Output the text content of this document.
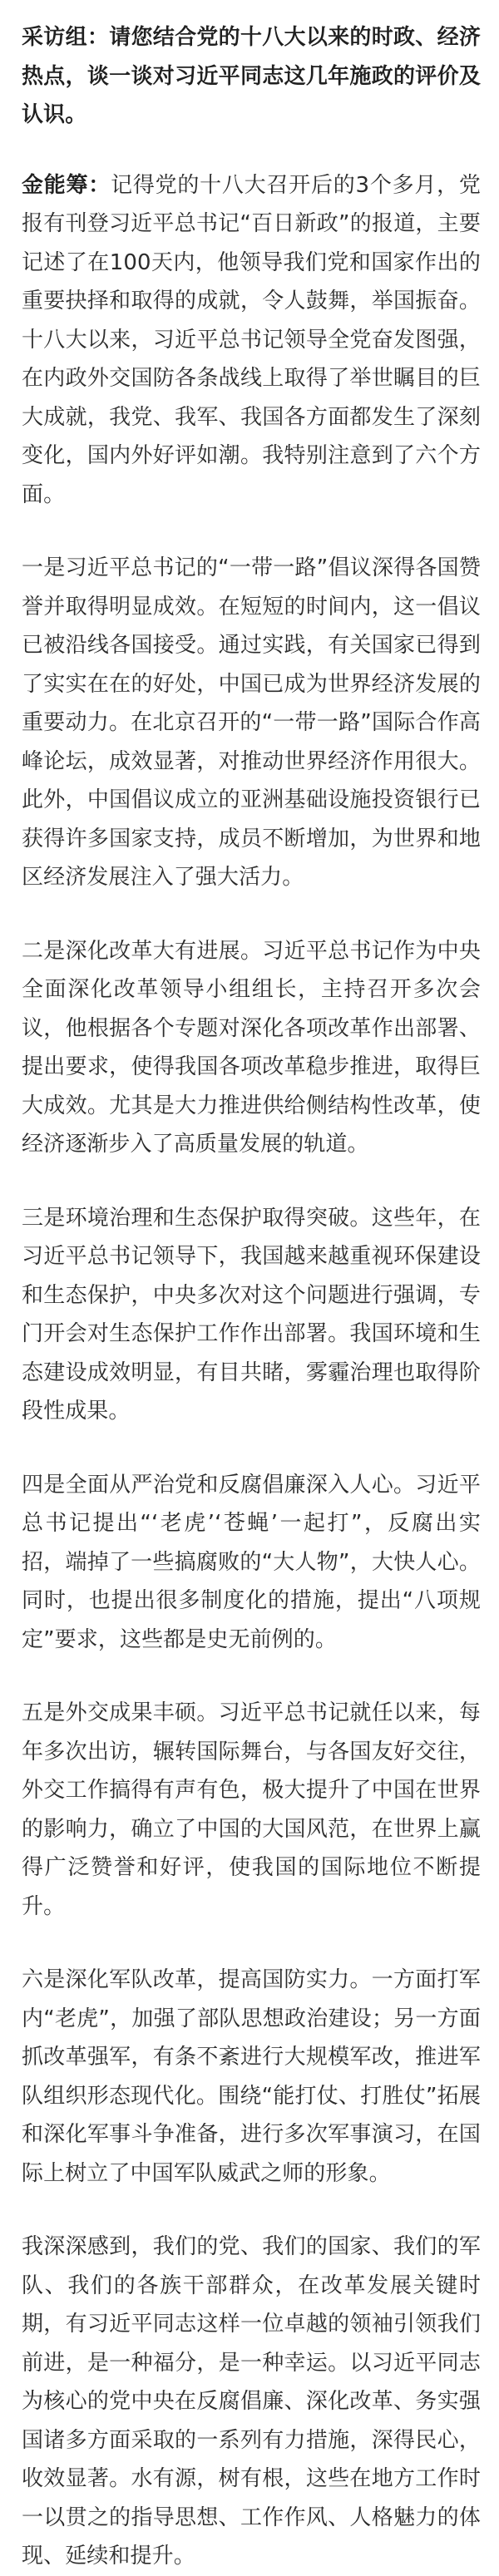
采访组：请您结合党的十八大以来的时政、经济热点，谈一谈对习近平同志这几年施政的评价及认识。

金能筹：记得党的十八大召开后的3个多月，党报有刊登习近平总书记“百日新政”的报道，主要记述了在100天内，他领导我们党和国家作出的重要抉择和取得的成就，令人鼓舞，举国振奋。十八大以来，习近平总书记领导全党奋发图强，在内政外交国防各条战线上取得了举世瞩目的巨大成就，我党、我军、我国各方面都发生了深刻变化，国内外好评如潮。我特别注意到了六个方面。

一是习近平总书记的“一带一路”倡议深得各国赞誉并取得明显成效。在短短的时间内，这一倡议已被沿线各国接受。通过实践，有关国家已得到了实实在在的好处，中国已成为世界经济发展的重要动力。在北京召开的“一带一路”国际合作高峰论坛，成效显著，对推动世界经济作用很大。此外，中国倡议成立的亚洲基础设施投资银行已获得许多国家支持，成员不断增加，为世界和地区经济发展注入了强大活力。

二是深化改革大有进展。习近平总书记作为中央全面深化改革领导小组组长，主持召开多次会议，他根据各个专题对深化各项改革作出部署、提出要求，使得我国各项改革稳步推进，取得巨大成效。尤其是大力推进供给侧结构性改革，使经济逐渐步入了高质量发展的轨道。

三是环境治理和生态保护取得突破。这些年，在习近平总书记领导下，我国越来越重视环保建设和生态保护，中央多次对这个问题进行强调，专门开会对生态保护工作作出部署。我国环境和生态建设成效明显，有目共睹，雾霾治理也取得阶段性成果。

四是全面从严治党和反腐倡廉深入人心。习近平总书记提出“‘老虎’‘苍蝇’一起打”，反腐出实招，端掉了一些搞腐败的“大人物”，大快人心。同时，也提出很多制度化的措施，提出“八项规定”要求，这些都是史无前例的。

五是外交成果丰硕。习近平总书记就任以来，每年多次出访，辗转国际舞台，与各国友好交往，外交工作搞得有声有色，极大提升了中国在世界的影响力，确立了中国的大国风范，在世界上赢得广泛赞誉和好评，使我国的国际地位不断提升。

六是深化军队改革，提高国防实力。一方面打军内“老虎”，加强了部队思想政治建设；另一方面抓改革强军，有条不紊进行大规模军改，推进军队组织形态现代化。围绕“能打仗、打胜仗”拓展和深化军事斗争准备，进行多次军事演习，在国际上树立了中国军队威武之师的形象。

我深深感到，我们的党、我们的国家、我们的军队、我们的各族干部群众，在改革发展关键时期，有习近平同志这样一位卓越的领袖引领我们前进，是一种福分，是一种幸运。以习近平同志为核心的党中央在反腐倡廉、深化改革、务实强国诸多方面采取的一系列有力措施，深得民心，收效显著。水有源，树有根，这些在地方工作时一以贯之的指导思想、工作作风、人格魅力的体现、延续和提升。
